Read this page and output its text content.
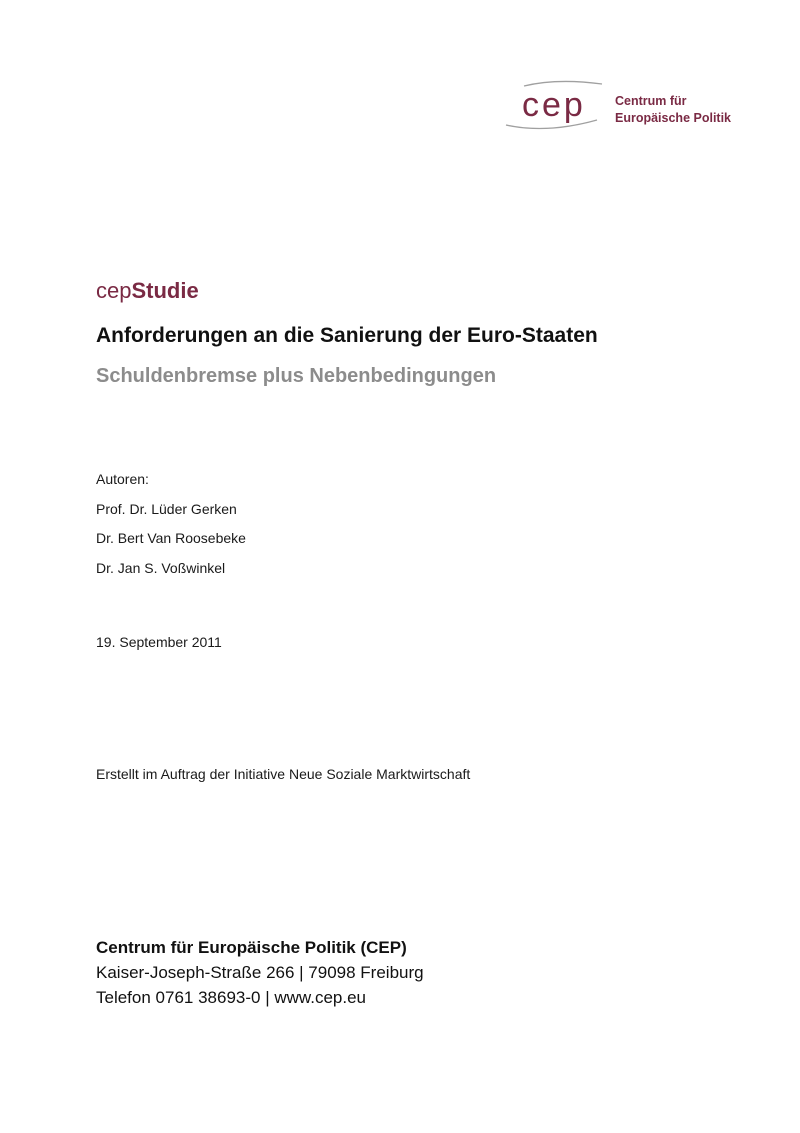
cep Centrum für
Europäische Politik
cepStudie
Anforderungen an die Sanierung der Euro-Staaten
Schuldenbremse plus Nebenbedingungen
Autoren:
Prof. Dr. Lüder Gerken
Dr. Bert Van Roosebeke
Dr. Jan S. Voßwinkel
19. September 2011
Erstellt im Auftrag der Initiative Neue Soziale Marktwirtschaft
Centrum für Europäische Politik (CEP)
Kaiser-Joseph-Straße 266 | 79098 Freiburg
Telefon 0761 38693-0 | www.cep.eu
